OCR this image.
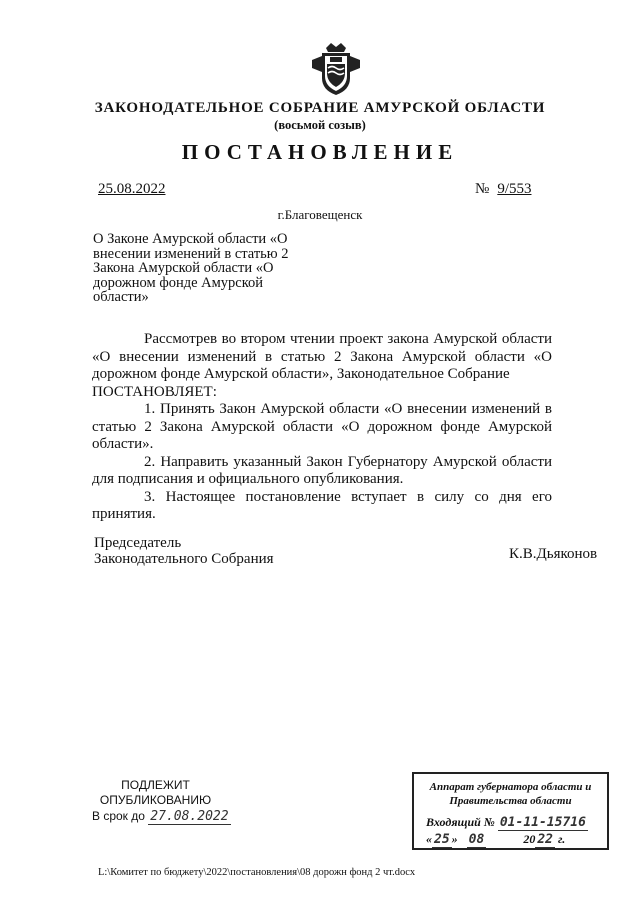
ЗАКОНОДАТЕЛЬНОЕ СОБРАНИЕ АМУРСКОЙ ОБЛАСТИ
(восьмой созыв)
ПОСТАНОВЛЕНИЕ
25.08.2022	№ 9/553
г.Благовещенск
О Законе Амурской области «О внесении изменений в статью 2 Закона Амурской области «О дорожном фонде Амурской области»

Рассмотрев во втором чтении проект закона Амурской области «О внесении изменений в статью 2 Закона Амурской области «О дорожном фонде Амурской области», Законодательное Собрание

ПОСТАНОВЛЯЕТ:

1. Принять Закон Амурской области «О внесении изменений в статью 2 Закона Амурской области «О дорожном фонде Амурской области».

2. Направить указанный Закон Губернатору Амурской области для подписания и официального опубликования.

3. Настоящее постановление вступает в силу со дня его принятия.

Председатель
Законодательного Собрания	К.В.Дьяконов
ПОДЛЕЖИТ
ОПУБЛИКОВАНИЮ
В срок до 27.08.2022
Аппарат губернатора области и
Правительства области
Входящий № 01-11-15716
« 25 » 08	20 22 г.
L:\Комитет по бюджету\2022\постановления\08 дорожн фонд 2 чт.docx
